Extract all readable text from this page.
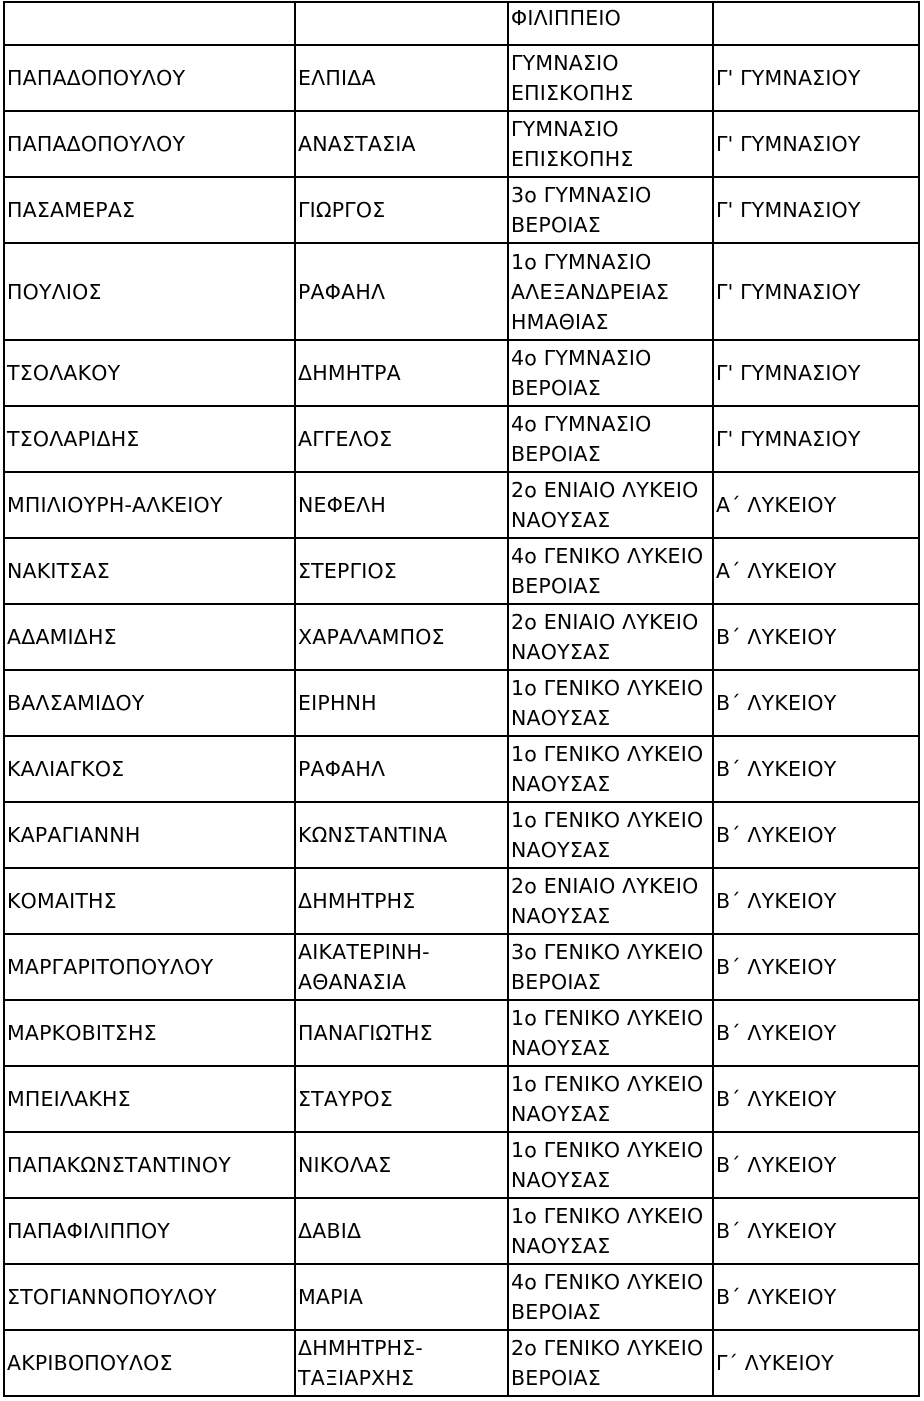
		ΦΙΛΙΠΠΕΙΟ	
ΠΑΠΑΔΟΠΟΥΛΟΥ	ΕΛΠΙΔΑ	ΓΥΜΝΑΣΙΟ ΕΠΙΣΚΟΠΗΣ	Γ' ΓΥΜΝΑΣΙΟΥ
ΠΑΠΑΔΟΠΟΥΛΟΥ	ΑΝΑΣΤΑΣΙΑ	ΓΥΜΝΑΣΙΟ ΕΠΙΣΚΟΠΗΣ	Γ' ΓΥΜΝΑΣΙΟΥ
ΠΑΣΑΜΕΡΑΣ	ΓΙΩΡΓΟΣ	3ο ΓΥΜΝΑΣΙΟ ΒΕΡΟΙΑΣ	Γ' ΓΥΜΝΑΣΙΟΥ
ΠΟΥΛΙΟΣ	ΡΑΦΑΗΛ	1ο ΓΥΜΝΑΣΙΟ ΑΛΕΞΑΝΔΡΕΙΑΣ ΗΜΑΘΙΑΣ	Γ' ΓΥΜΝΑΣΙΟΥ
ΤΣΟΛΑΚΟΥ	ΔΗΜΗΤΡΑ	4ο ΓΥΜΝΑΣΙΟ ΒΕΡΟΙΑΣ	Γ' ΓΥΜΝΑΣΙΟΥ
ΤΣΟΛΑΡΙΔΗΣ	ΑΓΓΕΛΟΣ	4ο ΓΥΜΝΑΣΙΟ ΒΕΡΟΙΑΣ	Γ' ΓΥΜΝΑΣΙΟΥ
ΜΠΙΛΙΟΥΡΗ-ΑΛΚΕΙΟΥ	ΝΕΦΕΛΗ	2ο ΕΝΙΑΙΟ ΛΥΚΕΙΟ ΝΑΟΥΣΑΣ	Α΄ ΛΥΚΕΙΟΥ
ΝΑΚΙΤΣΑΣ	ΣΤΕΡΓΙΟΣ	4ο ΓΕΝΙΚΟ ΛΥΚΕΙΟ ΒΕΡΟΙΑΣ	Α΄ ΛΥΚΕΙΟΥ
ΑΔΑΜΙΔΗΣ	ΧΑΡΑΛΑΜΠΟΣ	2ο ΕΝΙΑΙΟ ΛΥΚΕΙΟ ΝΑΟΥΣΑΣ	Β΄ ΛΥΚΕΙΟΥ
ΒΑΛΣΑΜΙΔΟΥ	ΕΙΡΗΝΗ	1ο ΓΕΝΙΚΟ ΛΥΚΕΙΟ ΝΑΟΥΣΑΣ	Β΄ ΛΥΚΕΙΟΥ
ΚΑΛΙΑΓΚΟΣ	ΡΑΦΑΗΛ	1ο ΓΕΝΙΚΟ ΛΥΚΕΙΟ ΝΑΟΥΣΑΣ	Β΄ ΛΥΚΕΙΟΥ
ΚΑΡΑΓΙΑΝΝΗ	ΚΩΝΣΤΑΝΤΙΝΑ	1ο ΓΕΝΙΚΟ ΛΥΚΕΙΟ ΝΑΟΥΣΑΣ	Β΄ ΛΥΚΕΙΟΥ
ΚΟΜΑΙΤΗΣ	ΔΗΜΗΤΡΗΣ	2ο ΕΝΙΑΙΟ ΛΥΚΕΙΟ ΝΑΟΥΣΑΣ	Β΄ ΛΥΚΕΙΟΥ
ΜΑΡΓΑΡΙΤΟΠΟΥΛΟΥ	ΑΙΚΑΤΕΡΙΝΗ-ΑΘΑΝΑΣΙΑ	3ο ΓΕΝΙΚΟ ΛΥΚΕΙΟ ΒΕΡΟΙΑΣ	Β΄ ΛΥΚΕΙΟΥ
ΜΑΡΚΟΒΙΤΣΗΣ	ΠΑΝΑΓΙΩΤΗΣ	1ο ΓΕΝΙΚΟ ΛΥΚΕΙΟ ΝΑΟΥΣΑΣ	Β΄ ΛΥΚΕΙΟΥ
ΜΠΕΙΛΑΚΗΣ	ΣΤΑΥΡΟΣ	1ο ΓΕΝΙΚΟ ΛΥΚΕΙΟ ΝΑΟΥΣΑΣ	Β΄ ΛΥΚΕΙΟΥ
ΠΑΠΑΚΩΝΣΤΑΝΤΙΝΟΥ	ΝΙΚΟΛΑΣ	1ο ΓΕΝΙΚΟ ΛΥΚΕΙΟ ΝΑΟΥΣΑΣ	Β΄ ΛΥΚΕΙΟΥ
ΠΑΠΑΦΙΛΙΠΠΟΥ	ΔΑΒΙΔ	1ο ΓΕΝΙΚΟ ΛΥΚΕΙΟ ΝΑΟΥΣΑΣ	Β΄ ΛΥΚΕΙΟΥ
ΣΤΟΓΙΑΝΝΟΠΟΥΛΟΥ	ΜΑΡΙΑ	4ο ΓΕΝΙΚΟ ΛΥΚΕΙΟ ΒΕΡΟΙΑΣ	Β΄ ΛΥΚΕΙΟΥ
ΑΚΡΙΒΟΠΟΥΛΟΣ	ΔΗΜΗΤΡΗΣ-ΤΑΞΙΑΡΧΗΣ	2ο ΓΕΝΙΚΟ ΛΥΚΕΙΟ ΒΕΡΟΙΑΣ	Γ΄ ΛΥΚΕΙΟΥ
